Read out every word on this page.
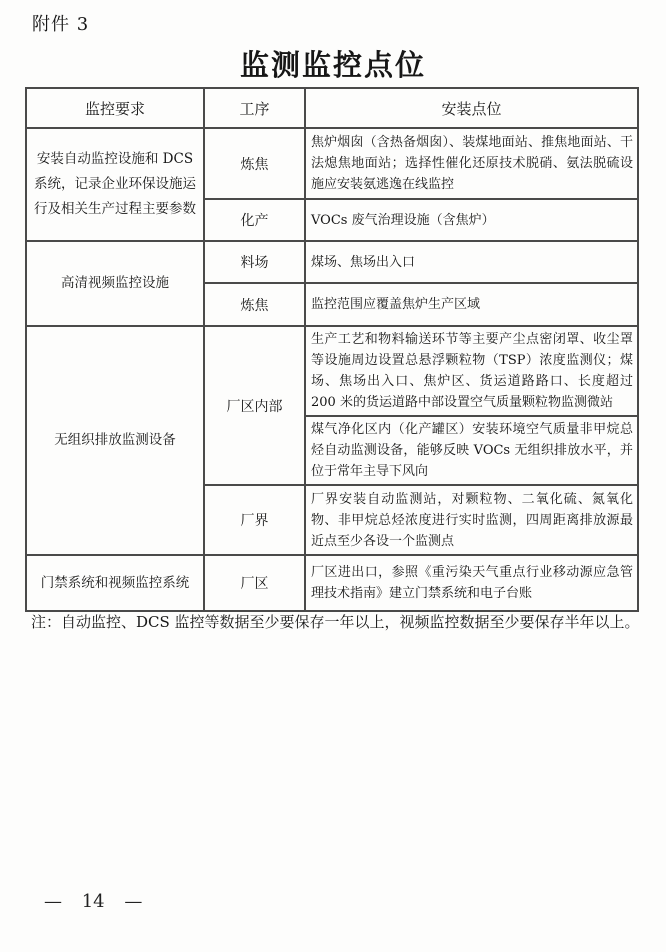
附件 3
监测监控点位
监控要求	工序	安装点位
安装自动监控设施和 DCS 系统，记录企业环保设施运行及相关生产过程主要参数	炼焦	焦炉烟囱（含热备烟囱）、装煤地面站、推焦地面站、干法熄焦地面站；选择性催化还原技术脱硝、氨法脱硫设施应安装氨逃逸在线监控
	化产	VOCs 废气治理设施（含焦炉）
高清视频监控设施	料场	煤场、焦场出入口
	炼焦	监控范围应覆盖焦炉生产区域
无组织排放监测设备	厂区内部	生产工艺和物料输送环节等主要产尘点密闭罩、收尘罩等设施周边设置总悬浮颗粒物（TSP）浓度监测仪；煤场、焦场出入口、焦炉区、货运道路路口、长度超过 200 米的货运道路中部设置空气质量颗粒物监测微站
		煤气净化区内（化产罐区）安装环境空气质量非甲烷总烃自动监测设备，能够反映 VOCs 无组织排放水平，并位于常年主导下风向
	厂界	厂界安装自动监测站，对颗粒物、二氧化硫、氮氧化物、非甲烷总烃浓度进行实时监测，四周距离排放源最近点至少各设一个监测点
门禁系统和视频监控系统	厂区	厂区进出口，参照《重污染天气重点行业移动源应急管理技术指南》建立门禁系统和电子台账
注：自动监控、DCS 监控等数据至少要保存一年以上，视频监控数据至少要保存半年以上。
— 14 —
